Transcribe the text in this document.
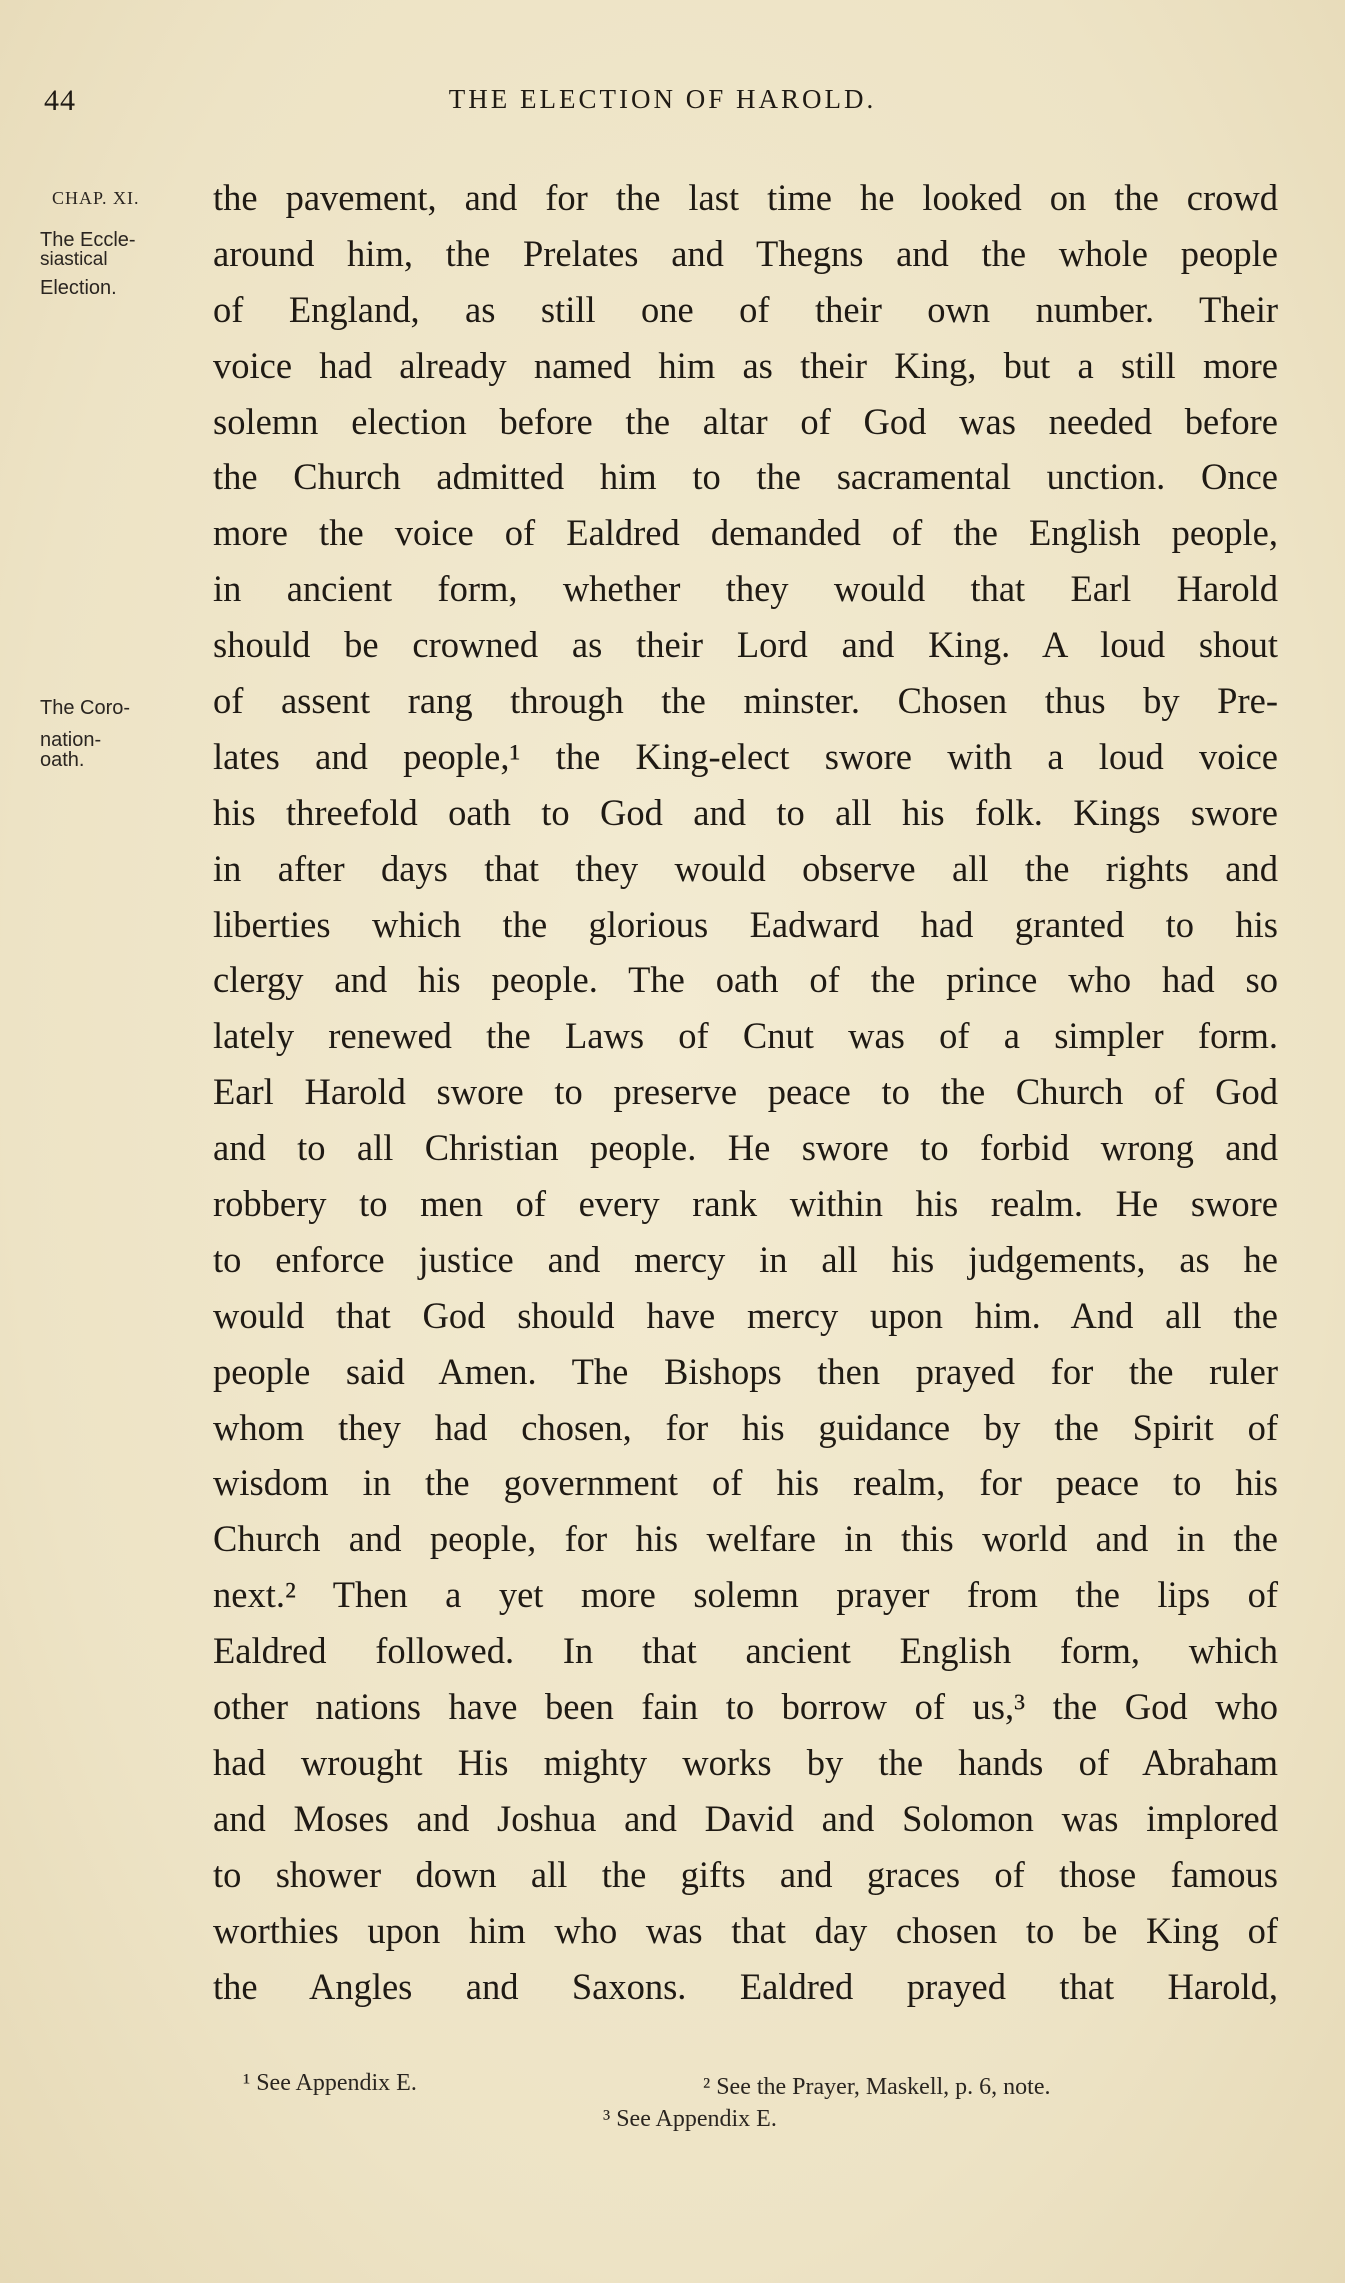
44	THE ELECTION OF HAROLD.
CHAP. XI.
The Eccle-
siastical
Election.
The Coro-
nation-
oath.
the pavement, and for the last time he looked on the crowd
around him, the Prelates and Thegns and the whole people
of England, as still one of their own number. Their
voice had already named him as their King, but a still more
solemn election before the altar of God was needed before
the Church admitted him to the sacramental unction. Once
more the voice of Ealdred demanded of the English people,
in ancient form, whether they would that Earl Harold
should be crowned as their Lord and King. A loud shout
of assent rang through the minster. Chosen thus by Pre-
lates and people,¹ the King-elect swore with a loud voice
his threefold oath to God and to all his folk. Kings swore
in after days that they would observe all the rights and
liberties which the glorious Eadward had granted to his
clergy and his people. The oath of the prince who had so
lately renewed the Laws of Cnut was of a simpler form.
Earl Harold swore to preserve peace to the Church of God
and to all Christian people. He swore to forbid wrong and
robbery to men of every rank within his realm. He swore
to enforce justice and mercy in all his judgements, as he
would that God should have mercy upon him. And all the
people said Amen. The Bishops then prayed for the ruler
whom they had chosen, for his guidance by the Spirit of
wisdom in the government of his realm, for peace to his
Church and people, for his welfare in this world and in the
next.² Then a yet more solemn prayer from the lips of
Ealdred followed. In that ancient English form, which
other nations have been fain to borrow of us,³ the God who
had wrought His mighty works by the hands of Abraham
and Moses and Joshua and David and Solomon was implored
to shower down all the gifts and graces of those famous
worthies upon him who was that day chosen to be King of
the Angles and Saxons. Ealdred prayed that Harold,
¹ See Appendix E.	² See the Prayer, Maskell, p. 6, note.
³ See Appendix E.
